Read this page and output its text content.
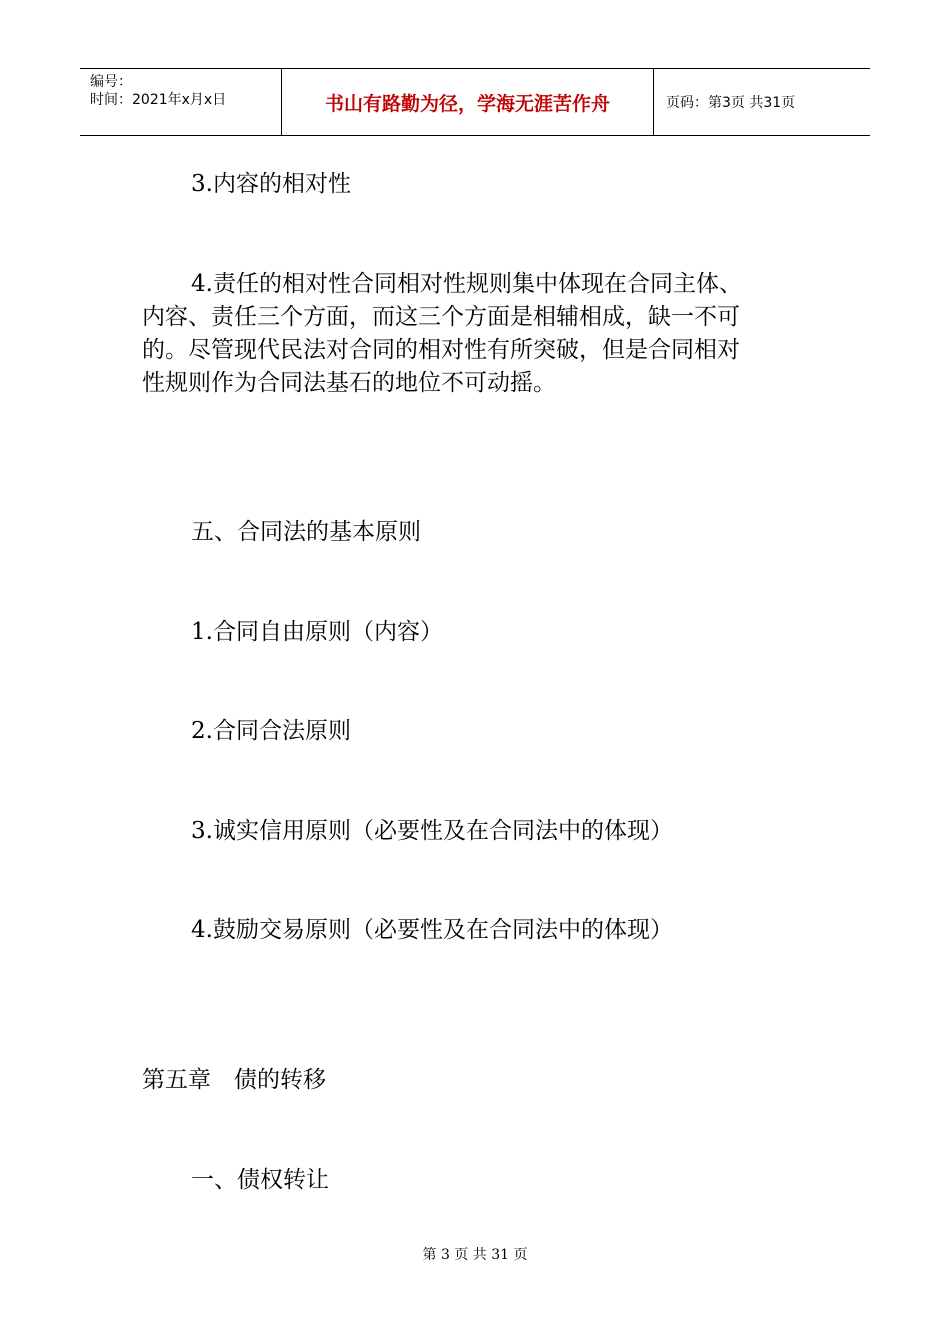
编号：
时间：2021年x月x日	书山有路勤为径，学海无涯苦作舟	页码：第3页 共31页
3.内容的相对性
4.责任的相对性合同相对性规则集中体现在合同主体、
内容、责任三个方面，而这三个方面是相辅相成，缺一不可
的。尽管现代民法对合同的相对性有所突破，但是合同相对
性规则作为合同法基石的地位不可动摇。
五、合同法的基本原则
1.合同自由原则（内容）
2.合同合法原则
3.诚实信用原则（必要性及在合同法中的体现）
4.鼓励交易原则（必要性及在合同法中的体现）
第五章　债的转移
一、债权转让
第 3 页 共 31 页
